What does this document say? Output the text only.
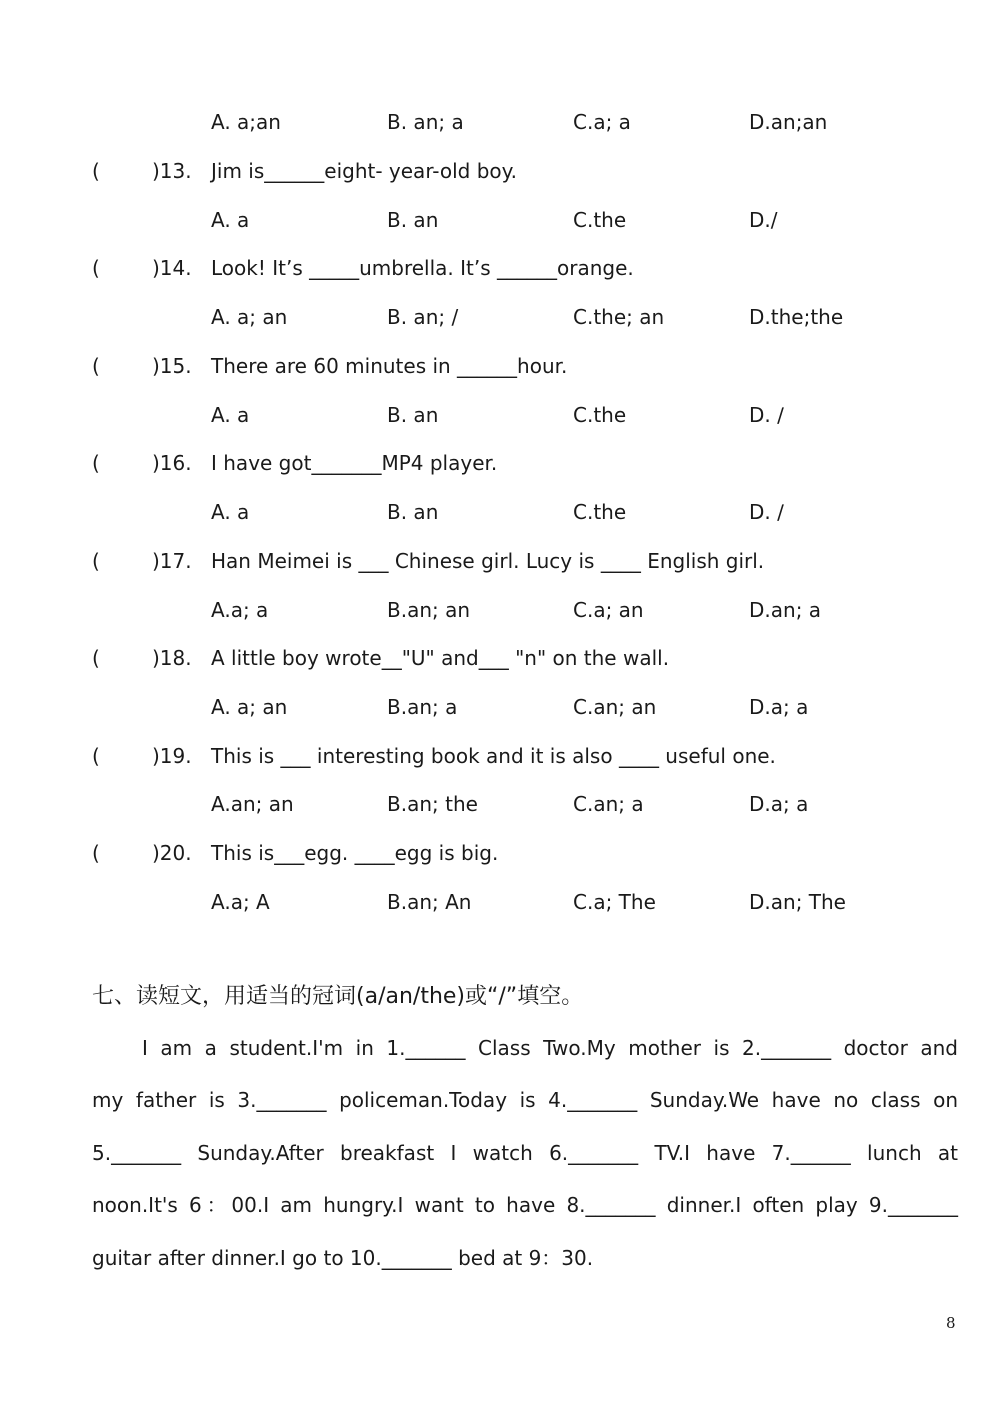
A. a;an	B. an; a	C.a; a	D.an;an
(	)13. Jim is______eight- year-old boy.
A. a	B. an	C.the	D./
(	)14. Look! It’s _____umbrella. It’s ______orange.
A. a; an	B. an; /	C.the; an	D.the;the
(	)15. There are 60 minutes in ______hour.
A. a	B. an	C.the	D. ∕
(	)16. I have got_______MP4 player.
A. a	B. an	C.the	D. ∕
(	)17. Han Meimei is ___ Chinese girl. Lucy is ____ English girl.
A.a; a	B.an; an	C.a; an	D.an; a
(	)18. A little boy wrote__"U" and___ "n" on the wall.
A. a; an	B.an; a	C.an; an	D.a; a
(	)19. This is ___ interesting book and it is also ____ useful one.
A.an; an	B.an; the	C.an; a	D.a; a
(	)20. This is___egg. ____egg is big.
A.a; A	B.an; An	C.a; The	D.an; The
七、读短文，用适当的冠词(a/an/the)或“/”填空。
I am a student.I'm in 1.______ Class Two.My mother is 2._______ doctor and
my father is 3._______ policeman.Today is 4._______ Sunday.We have no class on
5._______ Sunday.After breakfast I watch 6._______ TV.I have 7.______ lunch at
noon.It's 6：00.I am hungry.I want to have 8._______ dinner.I often play 9._______
guitar after dinner.I go to 10._______ bed at 9：30.
8
